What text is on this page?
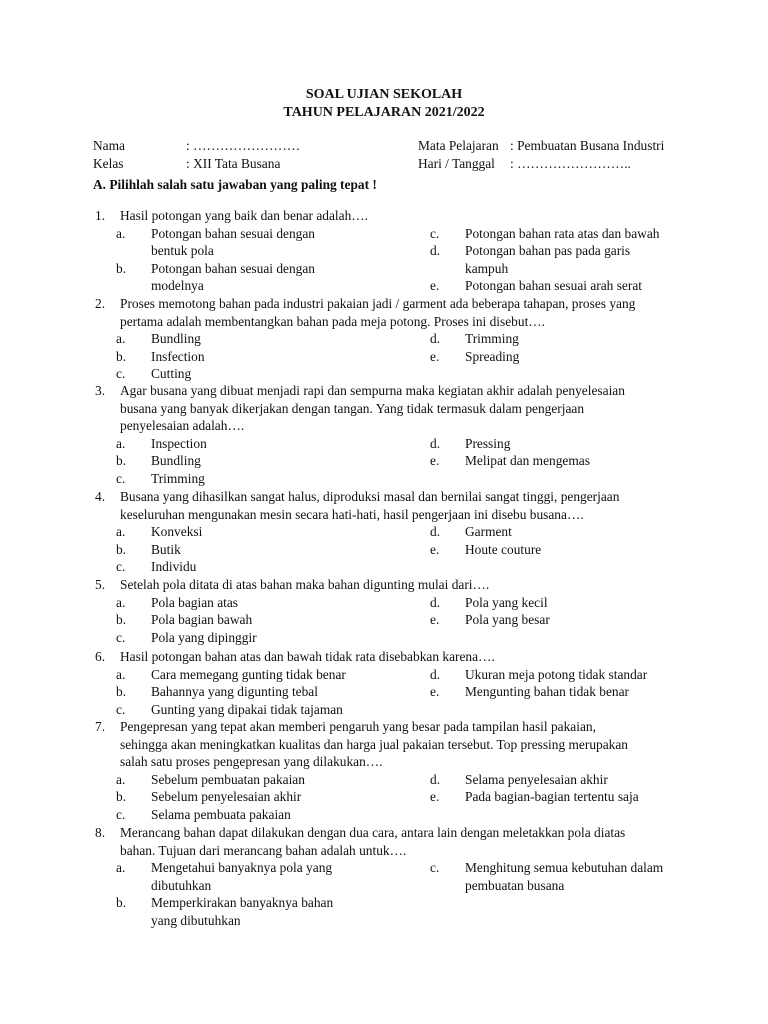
SOAL UJIAN SEKOLAH
TAHUN PELAJARAN 2021/2022
Nama	: ……………………
Kelas	: XII Tata Busana
Mata Pelajaran : Pembuatan Busana Industri
Hari / Tanggal : ……………………..
A. Pilihlah salah satu jawaban yang paling tepat !
1. Hasil potongan yang baik dan benar adalah….
a. Potongan bahan sesuai dengan
bentuk pola
b. Potongan bahan sesuai dengan
modelnya
c. Potongan bahan rata atas dan bawah
d. Potongan bahan pas pada garis
kampuh
e. Potongan bahan sesuai arah serat
2. Proses memotong bahan pada industri pakaian jadi / garment ada beberapa tahapan, proses yang
pertama adalah membentangkan bahan pada meja potong. Proses ini disebut….
a. Bundling
b. Insfection
c. Cutting
d. Trimming
e. Spreading
3. Agar busana yang dibuat menjadi rapi dan sempurna maka kegiatan akhir adalah penyelesaian
busana yang banyak dikerjakan dengan tangan. Yang tidak termasuk dalam pengerjaan
penyelesaian adalah….
a. Inspection
b. Bundling
c. Trimming
d. Pressing
e. Melipat dan mengemas
4. Busana yang dihasilkan sangat halus, diproduksi masal dan bernilai sangat tinggi, pengerjaan
keseluruhan mengunakan mesin secara hati-hati, hasil pengerjaan ini disebu busana….
a. Konveksi
b. Butik
c. Individu
d. Garment
e. Houte couture
5. Setelah pola ditata di atas bahan maka bahan digunting mulai dari….
a. Pola bagian atas
b. Pola bagian bawah
c. Pola yang dipinggir
d. Pola yang kecil
e. Pola yang besar
6. Hasil potongan bahan atas dan bawah tidak rata disebabkan karena….
a. Cara memegang gunting tidak benar
b. Bahannya yang digunting tebal
c. Gunting yang dipakai tidak tajaman
d. Ukuran meja potong tidak standar
e. Mengunting bahan tidak benar
7. Pengepresan yang tepat akan memberi pengaruh yang besar pada tampilan hasil pakaian,
sehingga akan meningkatkan kualitas dan harga jual pakaian tersebut. Top pressing merupakan
salah satu proses pengepresan yang dilakukan….
a. Sebelum pembuatan pakaian
b. Sebelum penyelesaian akhir
c. Selama pembuata pakaian
d. Selama penyelesaian akhir
e. Pada bagian-bagian tertentu saja
8. Merancang bahan dapat dilakukan dengan dua cara, antara lain dengan meletakkan pola diatas
bahan. Tujuan dari merancang bahan adalah untuk….
a. Mengetahui banyaknya pola yang
dibutuhkan
b. Memperkirakan banyaknya bahan
yang dibutuhkan
c. Menghitung semua kebutuhan dalam
pembuatan busana
